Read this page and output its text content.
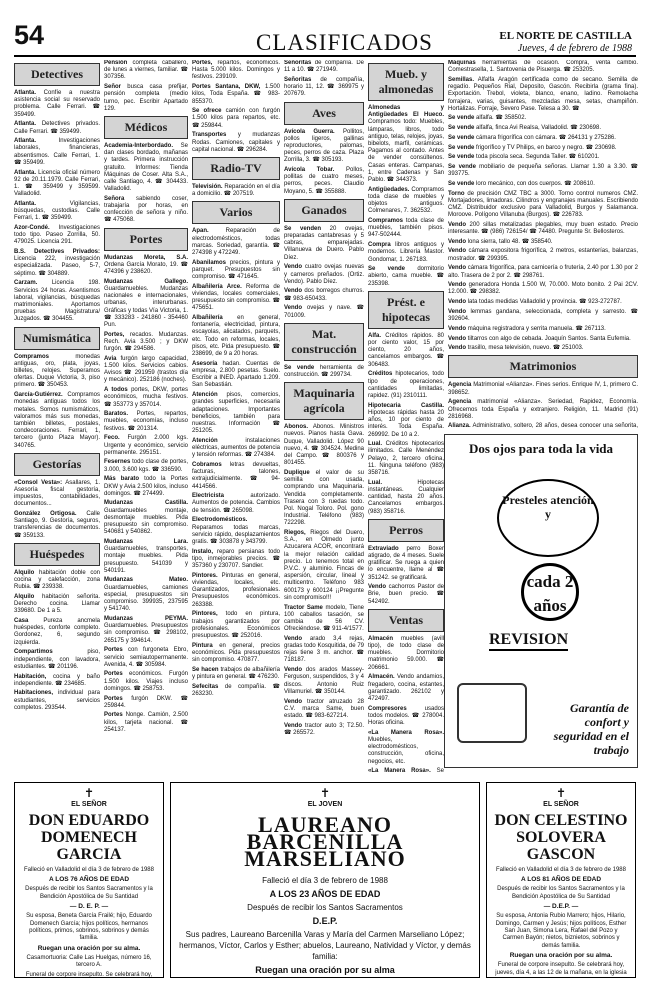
54	CLASIFICADOS	EL NORTE DE CASTILLA
Jueves, 4 de febrero de 1988
Detectives
Atlanta. Confíe a nuestra asistencia social su reservado problema. Calle Ferrari. ☎ 359499.
Atlanta. Detectives privados. Calle Ferrari. ☎ 359499.
Atlanta.	Investigaciones laborales, financieras, absentismos. Calle Ferrari, 1. ☎ 359499.
Atlanta. Licencia oficial número 92 de 20.11.1979. Calle Ferrari, 1. ☎ 359499 y 359599. Valladolid.
Atlanta.	Vigilancias, búsquedas, custodias. Calle Ferrari, 1. ☎ 359499.
Azor-Condé. Investigaciones todo tipo. Paseo Zorrilla, 50. 479025. Licencia 291.
B.S. Detectives Privados: Licencia 222, investigación especializada. Paseo, 5-7, séptimo. ☎ 304889.
Carzam. Licencia 198. Servicios 24 horas. Asentismos laboral, vigilancias, búsquedas matrimoniales. Aportamos pruebas Magistratura/ Juzgados. ☎ 304455.
Numismática
Compramos	monedas antiguas, oro, plata, joyas, billetes, relojes. Superamos ofertas. Duque Victoria, 3, piso primero. ☎ 350453.
García-Gutiérrez. Compramos monedas antiguas todos los metales. Somos numismáticos, valoramos más sus monedas, también billetes, postales, condecoraciones. Ferrari, 1, tercero (junto Plaza Mayor). 340765.
Gestorías
«Consol Vesta»: Asallares, 1. Asesoría fiscal gestoría, impuestos, contabilidades, documentos...
González Ortigosa. Calle Santiago, 9. Gestoría, seguros, transferencias de documentos. ☎ 359133.
Huéspedes
Alquilo habitación doble con cocina y calefacción, zona Rubia. ☎ 239338.
Alquilo habitación señorita. Derecho cocina. Llamar 339680. De 1 a 5.
Casa Pureza ancmela huéspedes, conforte completo. Gordonez, 6, segundo izquierda.
Compartimos	piso, independiente, con lavadora, estudiantes. ☎ 201196.
Habitación, cocina y baño independiente. ☎ 234685.
Habitaciones, individual para estudiantes, servicios completos. 293544.
Pensión completa caballero, de lunes a viernes, familiar. ☎ 307356.
Señor busca casa prefijar, pensión completa (medio turno, pec. Escribir Apartado 129.
Médicos
Academia-Interbordado. Se dan clases bordado, mañanas y tardes. Primera instrucción gratuito. Informes: Tienda Máquinas de Coser. Alta S.A., calle Santiago, 4. ☎ 304433. Valladolid.
Señora sabiendo coser, trabajaría por horas, en confección de señora y niño. ☎ 475068.
Portes
Mudanzas Moreta, S.A. Ordena García Morato, 19. ☎ 474396 y 238620.
Mudanzas Gallego. Guardamuebles. Mudanzas nacionales e internacionales, urbanas, interurbanas. Gráficas y todas Vía Victoria, 1. ☎ 333283 - 241860 - 354460 Pun.
Portes, recados. Mudanzas. Rech. Avia 3.500 ; y DKW furgón. ☎ 294586.
Avia furgón largo capacidad, 1.500 kilos. Servicios cabios. Avisos ☎ 291959 (trastos día y mecánico). 252186 (noches).
A todos portes, DKW, portes económicos, mucha festivos. ☎ 353773 y 357014.
Baratos. Portes, repartos, muebles, economías, incluso festivos. ☎ 201314.
Feco. Furgón 2.000 kgs. Urgente y económico, servicio permanente. 295151.
Fesernes todo clase de portes, 3.000, 3.600 kgs. ☎ 336590.
Más barato todo la Portes DKW y Avia 2.500 kilos, incluso domingos. ☎ 274499.
Mudanzas Castilla. Guardamuebles montaje, desmontaje muebles. Pida presupuesto sin compromiso. 540681 y 540862.
Mudanzas Lara. Guardamuebles, transportes, montaje muebles. Pida presupuesto. 541039 y 540191.
Mudanzas Mateo. Guardamuebles, camiones especial, presupuestos sin compromiso. 399935, 237595 y 541740.
Mudanzas PEYMA. Guardamuebles. Presupuestos sin compromiso. ☎ 298102, 265175 y 394614.
Portes con furgoneta Ebro, servicio semiautopermanente. Avenida, 4. ☎ 305984.
Portes económicos. Furgón 1.500 kilos. Viajes incluso domingos. ☎ 258753.
Portes furgón DKW. ☎ 259844.
Portes Nonge. Camión, 2.500 kilos, tarjeta nacional. ☎ 254137.
Portes, repartos, económicos. Hasta 5.000 kilos. Domingos y festivos. 239109.
Portes Santana, DKW, 1.500 kilos, Toda España. ☎ 983-855370.
Se ofrece camión con furgón 1.500 kilos para repartos, etc. ☎ 259844.
Transportes y mudanzas Rodas. Camiones, capitales y capital nacional. ☎ 296284.
Radio-TV
Televisión. Reparación en el día a domicilio. ☎ 207519.
Varios
Apan.	Reparación de electrodomésticos, todas marcas. Soriedad, garantía. ☎ 274398 y 472249.
Abanilamos precios, pintura y parquet. Presupuestos sin compromiso. ☎ 471645.
Albañilería Arce. Reforma de viviendas, locales comerciales, presupuesto sin compromiso. ☎ 475651.
Albañilería en general, fontanería, electricidad, pintura, escayolas, alicatados, parquets, etc. Todo en reformas, locales, pisos, etc. Pida presupuesto. ☎ 238699, de 9 a 20 horas.
Asesoría hadan. Cuentas de empresa, 2.800 pesetas. Suelo. Escribir a INED. Apartado 1.209. San Sebastián.
Atención pisos, comercios, grandes superficies, necesaria adaptaciones. Importantes beneficios, también para nuestras. Información ☎ 251205.
Atención	instalaciones eléctricas, aumentos de potencia y tensión reformas. ☎ 274384.
Cobramos letras devueltas, facturas, talones, extrajudicialmente. ☎ 94-4414566.
Electricista	autorizado. Aumentos de potencia. Cambios de tensión. ☎ 265098.
Electrodomésticos. Reparamos todas marcas, servicio rápido, desplazamientos gratis. ☎ 303878 y 343799.
Instalo, reparo persianas todo tipo, inmejorables precios. ☎ 357360 y 230707. Sandier.
Pintores. Pinturas en general, viviendas, locales, etc. Garantizados, profesionales. Presupuestos económicos. 263388.
Pintores, todo en pintura, trabajos garantizados por profesionales. Económicos presupuestos. ☎ 252016.
Pintura en general, precios económicos. Pida presupuestos sin compromiso. 470877.
Se hacen trabajos de albañilería y pintura en general. ☎ 476230.
Sefecitas de compañía. ☎ 263230.
Señoritas de compañía. De 11 a 10. ☎ 271949.
Señoritas de compañía, horario 11, 12. ☎ 369975 y 207679.
Aves
Avícola Guerra. Pollitos, pollos ligeros, gallinas reproductores, palomas, peces, perros de caza. Plaza Zorrilla, 3. ☎ 305193.
Avícola Tobar. Pollos, pollitas de cuatro meses, perros, peces. Claudio Moyano, 5. ☎ 355888.
Ganados
Se venden 20 ovejas, preparadas cantabresas y 5 cabras, emparejadas. Villanueva de Duero. Pablo Díez.
Vendo cuatro ovejas nuevas y carneros preñados. (Ortiz. Vendo). Pablo Díez.
Vendo dos borregos churros. ☎ 983-650433.
Vendo ovejas y nave. ☎ 701009.
Mat. construcción
Se vende herramienta de construcción. ☎ 299734.
Maquinaria agrícola
Abonos. Abonos. Ministros nuevos. Pianos hasta Gava. Duque, Valladolid. López 90 nuevo, 4. ☎ 304524. Medina del Campo. ☎ 800376 y 801455.
Duplique el valor de su semilla con usada, comprando una Maquinaria. Vendida completamente. Trasera con 3 ruedas todo. Pol. Nogal Toloro. Pol. gono Industrial. Teléfono (983) 722298.
Riegos, Riegos del Duero, S.A., en Olmedo junto Azucarera ACOR, encontrará la mejor relación calidad precio. Lo tenemos total en P.V.C. y aluminio. Fincas de aspersión, circular, lineal y multicentro. Teléfono 983 600173 y 600124 ¡¡Pregunte sin compromiso!!!
Tractor Same modelo, Tiene 100 caballos tasación, se cambia de 56 CV. Ofreciéndose. ☎ 911-4/1577.
Vendo arado 3,4 rejas, gradas todo Kosquitida, de 79 rejas tiene 3 m. anchor. ☎ 718187.
Vendo dos arados Massey-Ferguson, suspendidos, 3 y 4 discos. Antonio Ruiz Villamuriel. ☎ 350144.
Vendo tractor atruzado 28 C.V. marca Same, buen estado. ☎ 983-627214.
Vendo tractor auto 3; T2.50. ☎ 265572.
Mueb. y almonedas
Almonedas y Antigüedades El Hueco. Compramos todo: Muebles, lámparas, libros, todo antiguo, telas, relojes, joyas, bibelots, marfil, cerámicas. Pagamos al contado. Antes de vender consúltenos. Casas enteras. Campanas, 1, entre Cadenas y San Pablo. ☎ 344373.
Antigüedades. Compramos toda clase de muebles y objetos antiguos. Colmenares, 7. 362532.
Compramos toda clase de muebles, también pisos. 947-502444.
Compra libros antiguos y modernos. Librería Mastor. Gondomar, 1. 267183.
Se vende dormitorio abierto, cama mueble. ☎ 235398.
Prést. e hipotecas
Alfa. Créditos rápidos. 80 por ciento valor, 15 por ciento, 20 años, cancelamos embargos. ☎ 306483.
Créditos hipotecarios, todo tipo de operaciones, cantidades limitadas, rapidez. (91) 2310111.
Hipotecaria Castilla. Hipotecas rápidas hasta 20 años, 10 por ciento de interés. Toda España. 269992. De 10 a 2.
Lual. Créditos hipotecarios ilimitados. Calle Menéndez Pelayo, 2, tercero oficina, 11. Ninguna teléfono (983) 358716.
Lual.	Hipotecas instantáneas. Cualquier cantidad, hasta 20 años. Cancelamos embargos. (983) 358716.
Perros
Extraviado perro Boxer atigrado, de 4 meses. Suele gratificar. Se ruega a quien lo encuentre, llame al ☎ 351242. se gratificará.
Vendo cachorros Pastor de Brie, buen precio. ☎ 542492.
Ventas
Almacén muebles (avill tipo), de todo clase de muebles. Dormitorio matrimonio 59.000. ☎ 206661.
Almacén. Vendo andamios, fregadero, cocina, estantes, garantizado. 262102 y 472497.
Compresores	usados todos modelos. ☎ 278004. Horas oficina.
«La Manera Rosa». Muebles, electrodomésticos, construcción, oficina, negocios, etc.
«La Manera Rosa». Se
Máquinas herramientas de ocasión. Compra, venta cambio. Comestrasella, 1. Santovenia de Pisuerga. ☎ 253205.
Semillas. Alfalfa Aragón certificada como de secano. Semilla de regadío. Pequeños Rial, Deposito, Gascón. Recibirla (grama fina). Exportación. Trebol, violeta, blanco, enano, ladino. Remolacha forrajera, varias, guisantes, mezcladas mesa, setas, champiñón. Hortalizas. Forraje, Severo Pase. Telesa a 30. ☎
Se vende alfalfa. ☎ 358502.
Se vende alfalfa, finca Avi Realsa, Valladolid. ☎ 230698.
Se vende cámara frigorífica con cámara. ☎ 264131 y 275286.
Se vende frigorífico y TV Philips, en barco y negro. ☎ 230698.
Se vende toda piscola seca. Segunda Taller. ☎ 610201.
Se vende mobiliario de pequeña señoras. Llamar 1.30 a 3.30. ☎ 393775.
Se vende loro mecánico, con dos cuerpos. ☎ 208610.
Torno de precisión CMZ TBC a 3000. Torno control numeros CMZ. Mortajadores, limadoras. Cilindros y engranajes manuales. Escribiendo CMZ. Distribuidor exclusivo para Valladolid, Burgos y Salamanca. Moroove. Polígono Villanuba (Burgos). ☎ 226783.
Vendo 200 sillas metalizadas plegables, muy buen estado. Precio interesante. ☎ (986) 726154/ ☎ 74480. Pregunte Sr. Bellosteros.
Vendo lona sierra, tallo 48. ☎ 358540.
Vendo cámara expositora frigorífica, 2 metros, estanterías, balanzas, mostrador. ☎ 299395.
Vendo cámara frigorífica, para carnicería o frutería, 2.40 por 1.30 por 2 alto. Trasera de 2 por 2. ☎ 298761.
Vendo generadora Honda 1.500 W, 70.000. Moto bonito. 2 Pai 2CV. 12.000. ☎ 298382.
Vendo lata todas medidas Valladolid y provincia. ☎ 923-272787.
Vendo lemmas gandana, seleccionada, completa y sarresto. ☎ 392604.
Vendo máquina registradora y serrita manuela. ☎ 267113.
Vendo tiltarros con algo de cebada. Joaquín Santos. Santa Eufemia.
Vendo trasillo, mesa televisión, nuevo. ☎ 251003.
Matrimonios
Agencia Matrimonial «Alianza». Fines serios. Enrique IV, 1, primero C. 398652.
Agencia matrimonial «Alianza». Seriedad, Rapidez, Economía. Ofrecemos toda España y extranjero. Religión, 11. Madrid (91) 2816968.
Alianza. Administrativo, soltero, 28 años, desea conocer una señorita,
Dos ojos para toda la vida
Presteles atención y
cada 2 años
REVISION
Garantía de confort y seguridad en el trabajo
✝
EL SEÑOR
DON EDUARDO DOMENECH GARCIA
Falleció en Valladolid el día 3 de febrero de 1988
A LOS 76 AÑOS DE EDAD
Después de recibir los Santos Sacramentos y la Bendición Apostólica de Su Santidad
— D. E. P. —
Su esposa, Beneta García Frailé; hijo, Eduardo Domenech García; hijos políticos, hermanos políticos, primos, sobrinos, sobrinos y demás familia.
Ruegan una oración por su alma.
Casamortuoria: Calle Las Huelgas, número 16, tercero A.
Funeral de corpore insepulto. Se celebrará hoy,
✝
EL JOVEN
LAUREANO BARCENILLA MARSELIANO
Falleció el día 3 de febrero de 1988
A LOS 23 AÑOS DE EDAD
Después de recibir los Santos Sacramentos
D.E.P.
Sus padres, Laureano Barcenilla Varas y María del Carmen Marseliano López; hermanos, Víctor, Carlos y Esther; abuelos, Laureano, Natividad y Víctor, y demás familia:
Ruegan una oración por su alma
✝
EL SEÑOR
DON CELESTINO SOLOVERA GASCON
Falleció en Valladolid el día 3 de febrero de 1988
A LOS 81 AÑOS DE EDAD
Después de recibir los Santos Sacramentos y la Bendición Apostólica de Su Santidad
— D.E.P. —
Su esposa, Antonia Rubio Marrero; hijos, Hilario, Domingo, Carmen y Jesús; hijos políticos, Esther San Juan, Simona Lera, Rafael del Pozo y Carmen Bayón; nietos, biznietos, sobrinos y demás familia.
Ruegan una oración por su alma.
Funeral de corpore insepulto. Se celebrará hoy, jueves, día 4, a las 12 de la mañana, en la iglesia
